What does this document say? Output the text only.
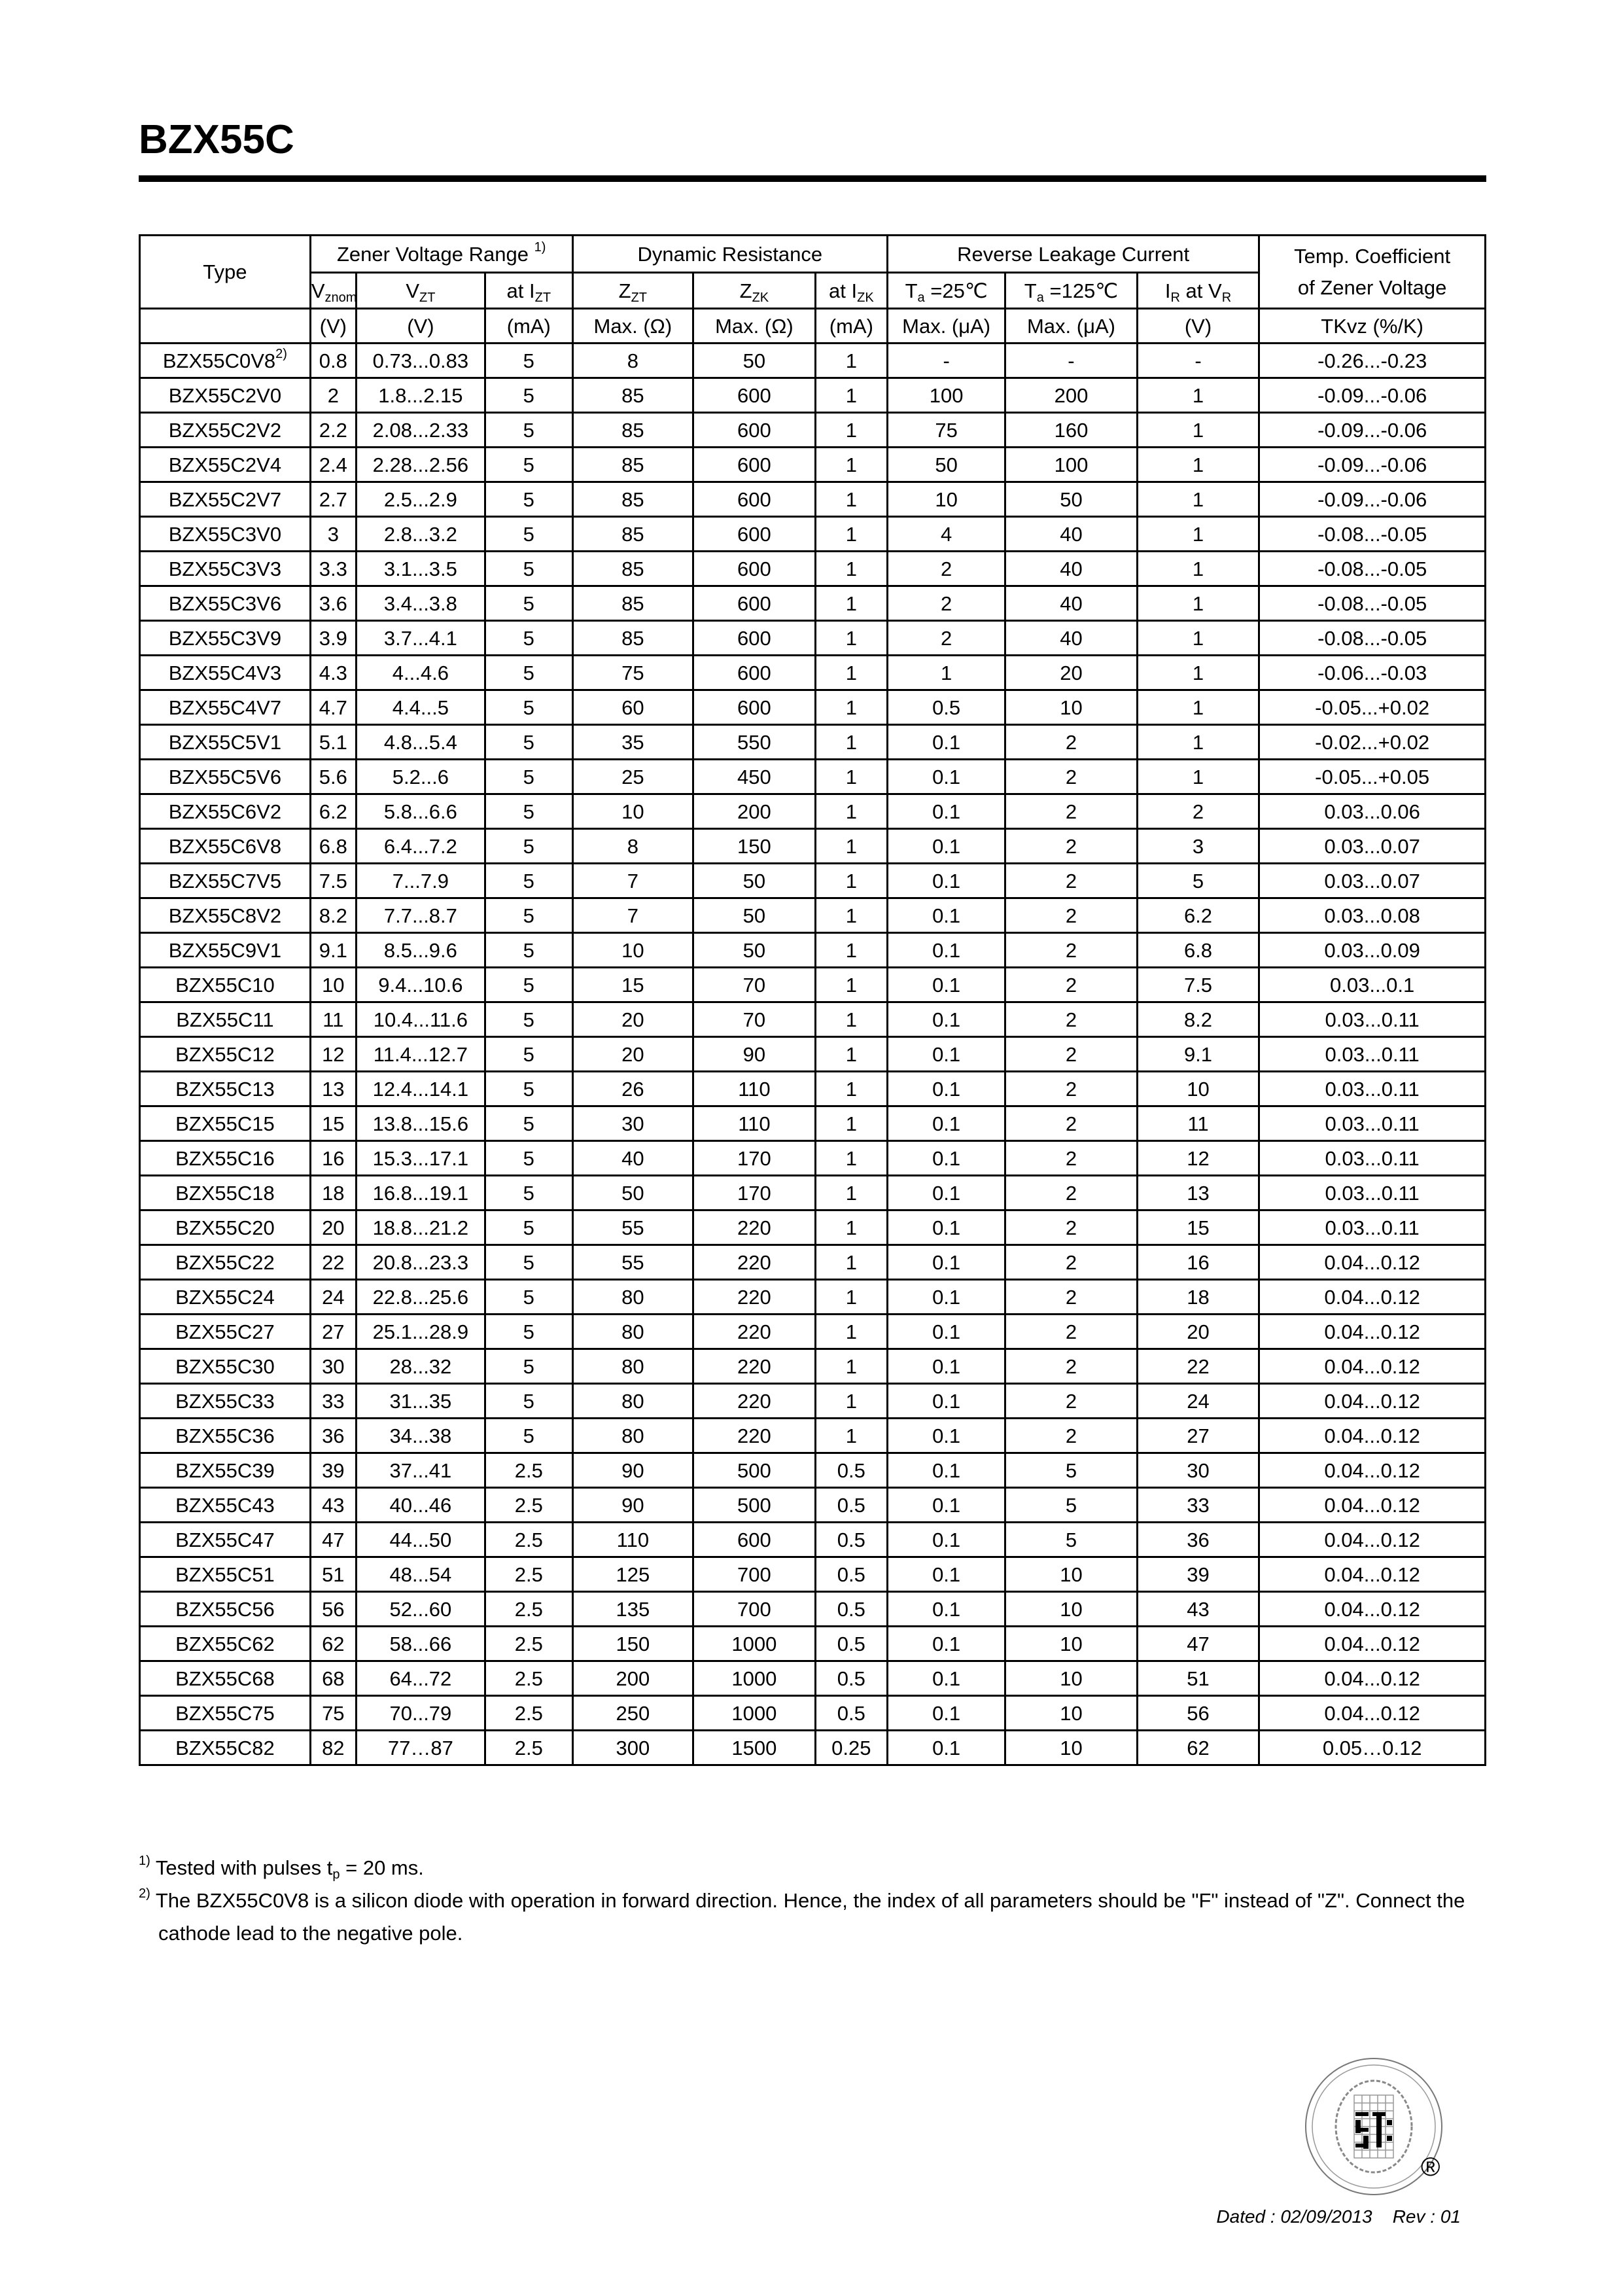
BZX55C
Type	Zener Voltage Range $^{1)}$			Dynamic Resistance			Reverse Leakage Current			Temp. Coefficient
of Zener Voltage
	$V_{znom}$	$V_{ZT}$	at $I_{ZT}$	$Z_{ZT}$	$Z_{ZK}$	at $I_{ZK}$	$T_a$ =25℃	$T_a$ =125℃	$I_R$ at $V_R$
	(V)	(V)	(mA)	Max. (Ω)	Max. (Ω)	(mA)	Max. (μA)	Max. (μA)	(V)	TKvz (%/K)
BZX55C0V8$^{2)}$	0.8	0.73...0.83	5	8	50	1	-	-	-	-0.26...-0.23
BZX55C2V0	2	1.8...2.15	5	85	600	1	100	200	1	-0.09...-0.06
BZX55C2V2	2.2	2.08...2.33	5	85	600	1	75	160	1	-0.09...-0.06
BZX55C2V4	2.4	2.28...2.56	5	85	600	1	50	100	1	-0.09...-0.06
BZX55C2V7	2.7	2.5...2.9	5	85	600	1	10	50	1	-0.09...-0.06
BZX55C3V0	3	2.8...3.2	5	85	600	1	4	40	1	-0.08...-0.05
BZX55C3V3	3.3	3.1...3.5	5	85	600	1	2	40	1	-0.08...-0.05
BZX55C3V6	3.6	3.4...3.8	5	85	600	1	2	40	1	-0.08...-0.05
BZX55C3V9	3.9	3.7...4.1	5	85	600	1	2	40	1	-0.08...-0.05
BZX55C4V3	4.3	4...4.6	5	75	600	1	1	20	1	-0.06...-0.03
BZX55C4V7	4.7	4.4...5	5	60	600	1	0.5	10	1	-0.05...+0.02
BZX55C5V1	5.1	4.8...5.4	5	35	550	1	0.1	2	1	-0.02...+0.02
BZX55C5V6	5.6	5.2...6	5	25	450	1	0.1	2	1	-0.05...+0.05
BZX55C6V2	6.2	5.8...6.6	5	10	200	1	0.1	2	2	0.03...0.06
BZX55C6V8	6.8	6.4...7.2	5	8	150	1	0.1	2	3	0.03...0.07
BZX55C7V5	7.5	7...7.9	5	7	50	1	0.1	2	5	0.03...0.07
BZX55C8V2	8.2	7.7...8.7	5	7	50	1	0.1	2	6.2	0.03...0.08
BZX55C9V1	9.1	8.5...9.6	5	10	50	1	0.1	2	6.8	0.03...0.09
BZX55C10	10	9.4...10.6	5	15	70	1	0.1	2	7.5	0.03...0.1
BZX55C11	11	10.4...11.6	5	20	70	1	0.1	2	8.2	0.03...0.11
BZX55C12	12	11.4...12.7	5	20	90	1	0.1	2	9.1	0.03...0.11
BZX55C13	13	12.4...14.1	5	26	110	1	0.1	2	10	0.03...0.11
BZX55C15	15	13.8...15.6	5	30	110	1	0.1	2	11	0.03...0.11
BZX55C16	16	15.3...17.1	5	40	170	1	0.1	2	12	0.03...0.11
BZX55C18	18	16.8...19.1	5	50	170	1	0.1	2	13	0.03...0.11
BZX55C20	20	18.8...21.2	5	55	220	1	0.1	2	15	0.03...0.11
BZX55C22	22	20.8...23.3	5	55	220	1	0.1	2	16	0.04...0.12
BZX55C24	24	22.8...25.6	5	80	220	1	0.1	2	18	0.04...0.12
BZX55C27	27	25.1...28.9	5	80	220	1	0.1	2	20	0.04...0.12
BZX55C30	30	28...32	5	80	220	1	0.1	2	22	0.04...0.12
BZX55C33	33	31...35	5	80	220	1	0.1	2	24	0.04...0.12
BZX55C36	36	34...38	5	80	220	1	0.1	2	27	0.04...0.12
BZX55C39	39	37...41	2.5	90	500	0.5	0.1	5	30	0.04...0.12
BZX55C43	43	40...46	2.5	90	500	0.5	0.1	5	33	0.04...0.12
BZX55C47	47	44...50	2.5	110	600	0.5	0.1	5	36	0.04...0.12
BZX55C51	51	48...54	2.5	125	700	0.5	0.1	10	39	0.04...0.12
BZX55C56	56	52...60	2.5	135	700	0.5	0.1	10	43	0.04...0.12
BZX55C62	62	58...66	2.5	150	1000	0.5	0.1	10	47	0.04...0.12
BZX55C68	68	64...72	2.5	200	1000	0.5	0.1	10	51	0.04...0.12
BZX55C75	75	70...79	2.5	250	1000	0.5	0.1	10	56	0.04...0.12
BZX55C82	82	77…87	2.5	300	1500	0.25	0.1	10	62	0.05…0.12
$^{1)}$ Tested with pulses $t_p = 20$ ms.
$^{2)}$ The BZX55C0V8 is a silicon diode with operation in forward direction. Hence, the index of all parameters should be "F" instead of "Z". Connect the
cathode lead to the negative pole.
®
Dated : 02/09/2013    Rev : 01
